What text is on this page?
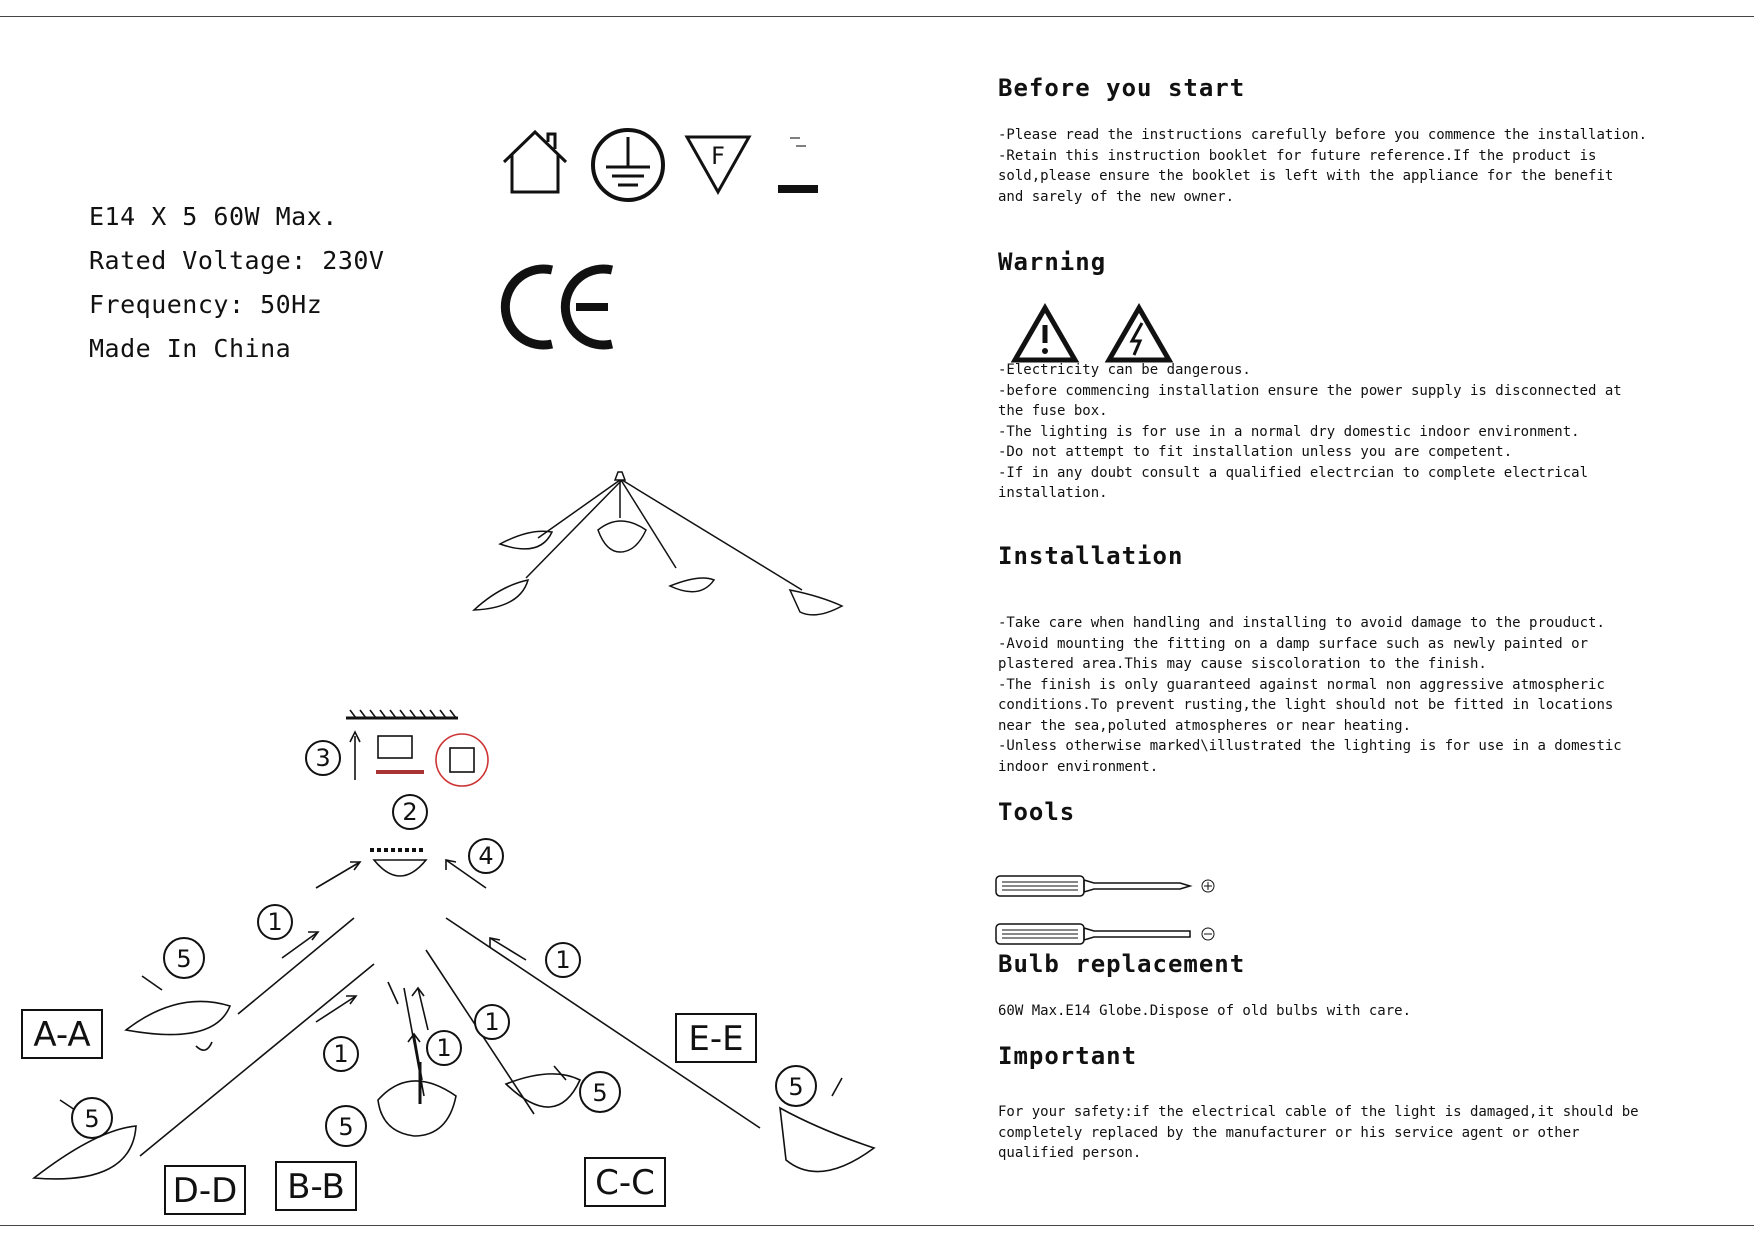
E14 X 5 60W Max.
Rated Voltage: 230V
Frequency: 50Hz
Made In China
F
3
2
4
1
1
1
1
1
5
5	5
5	5
A-A
D-D B-B	C-C
E-E
Before you start
-Please read the instructions carefully before you commence the installation.
-Retain this instruction booklet for future reference.If the product is
sold,please ensure the booklet is left with the appliance for the benefit
and sarely of the new owner.
Warning
-Electricity can be dangerous.
-before commencing installation ensure the power supply is disconnected at
the fuse box.
-The lighting is for use in a normal dry domestic indoor environment.
-Do not attempt to fit installation unless you are competent.
-If in any doubt consult a qualified electrcian to complete electrical
installation.
Installation
-Take care when handling and installing to avoid damage to the prouduct.
-Avoid mounting the fitting on a damp surface such as newly painted or
plastered area.This may cause siscoloration to the finish.
-The finish is only guaranteed against normal non aggressive atmospheric
conditions.To prevent rusting,the light should not be fitted in locations
near the sea,poluted atmospheres or near heating.
-Unless otherwise marked\illustrated the lighting is for use in a domestic
indoor environment.
Tools
Bulb replacement
60W Max.E14 Globe.Dispose of old bulbs with care.
Important
For your safety:if the electrical cable of the light is damaged,it should be
completely replaced by the manufacturer or his service agent or other
qualified person.
